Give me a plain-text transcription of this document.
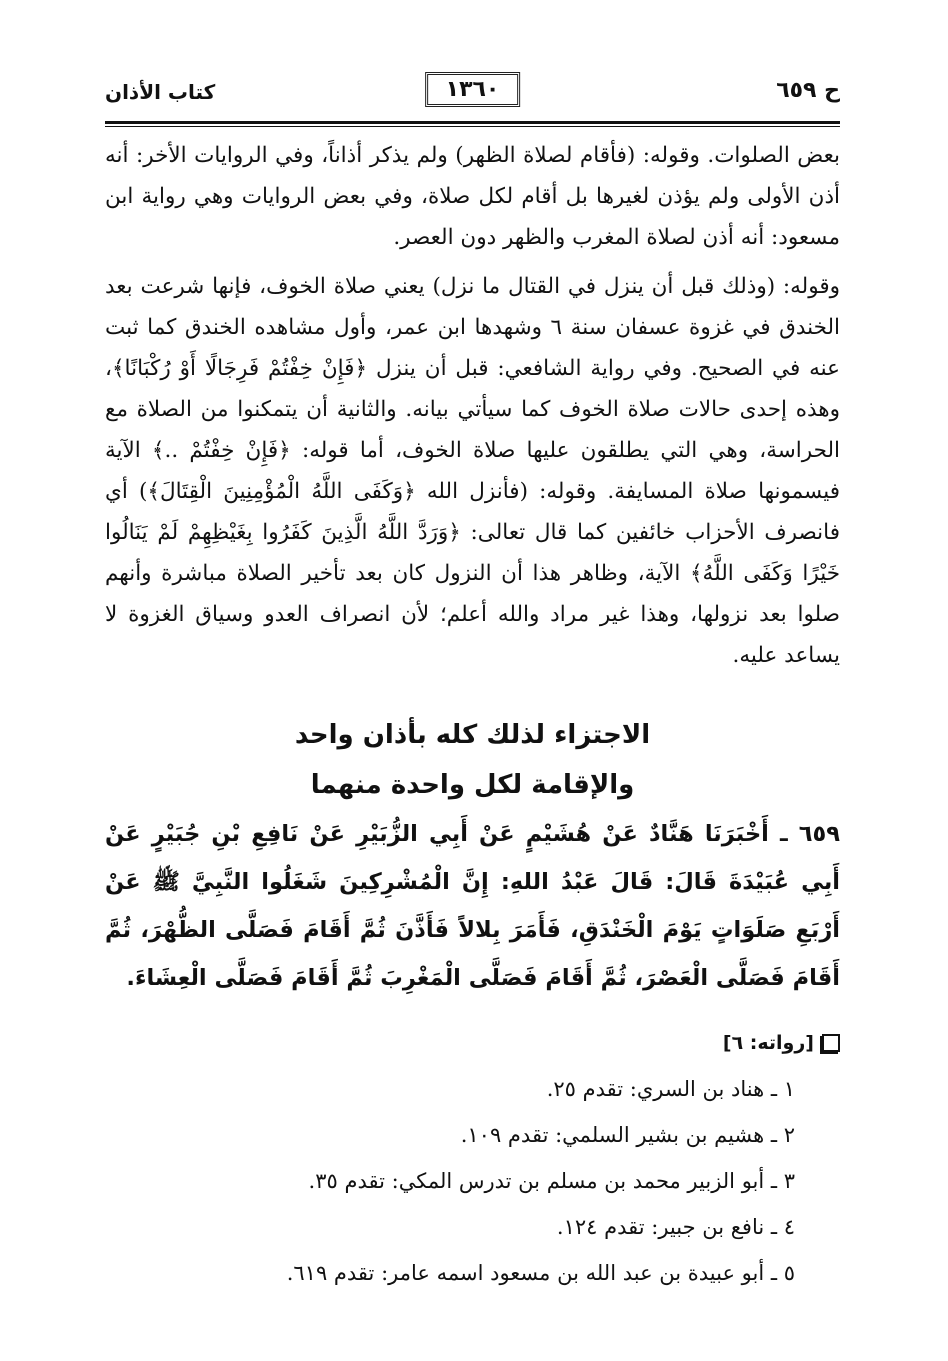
ح ٦٥٩
١٣٦٠
كتاب الأذان

بعض الصلوات. وقوله: (فأقام لصلاة الظهر) ولم يذكر أذاناً، وفي الروايات الأخر: أنه أذن الأولى ولم يؤذن لغيرها بل أقام لكل صلاة، وفي بعض الروايات وهي رواية ابن مسعود: أنه أذن لصلاة المغرب والظهر دون العصر.

وقوله: (وذلك قبل أن ينزل في القتال ما نزل) يعني صلاة الخوف، فإنها شرعت بعد الخندق في غزوة عسفان سنة ٦ وشهدها ابن عمر، وأول مشاهده الخندق كما ثبت عنه في الصحيح. وفي رواية الشافعي: قبل أن ينزل ﴿فَإِنْ خِفْتُمْ فَرِجَالًا أَوْ رُكْبَانًا﴾، وهذه إحدى حالات صلاة الخوف كما سيأتي بيانه. والثانية أن يتمكنوا من الصلاة مع الحراسة، وهي التي يطلقون عليها صلاة الخوف، أما قوله: ﴿فَإِنْ خِفْتُمْ ..﴾ الآية فيسمونها صلاة المسايفة. وقوله: (فأنزل الله ﴿وَكَفَى اللَّهُ الْمُؤْمِنِينَ الْقِتَالَ﴾) أي فانصرف الأحزاب خائفين كما قال تعالى: ﴿وَرَدَّ اللَّهُ الَّذِينَ كَفَرُوا بِغَيْظِهِمْ لَمْ يَنَالُوا خَيْرًا وَكَفَى اللَّهُ﴾ الآية، وظاهر هذا أن النزول كان بعد تأخير الصلاة مباشرة وأنهم صلوا بعد نزولها، وهذا غير مراد والله أعلم؛ لأن انصراف العدو وسياق الغزوة لا يساعد عليه.

الاجتزاء لذلك كله بأذان واحد
والإقامة لكل واحدة منهما
٦٥٩ ـ أَخْبَرَنَا هَنَّادٌ عَنْ هُشَيْمٍ عَنْ أَبِي الزُّبَيْرِ عَنْ نَافِعِ بْنِ جُبَيْرٍ عَنْ أَبِي عُبَيْدَةَ قَالَ: قَالَ عَبْدُ اللهِ: إِنَّ الْمُشْرِكِينَ شَغَلُوا النَّبِيَّ ﷺ عَنْ أَرْبَعِ صَلَوَاتٍ يَوْمَ الْخَنْدَقِ، فَأَمَرَ بِلالاً فَأَذَّنَ ثُمَّ أَقَامَ فَصَلَّى الظُّهْرَ، ثُمَّ أَقَامَ فَصَلَّى الْعَصْرَ، ثُمَّ أَقَامَ فَصَلَّى الْمَغْرِبَ ثُمَّ أَقَامَ فَصَلَّى الْعِشَاءَ.
[رواته: ٦]
١ ـ هناد بن السري: تقدم ٢٥.
٢ ـ هشيم بن بشير السلمي: تقدم ١٠٩.
٣ ـ أبو الزبير محمد بن مسلم بن تدرس المكي: تقدم ٣٥.
٤ ـ نافع بن جبير: تقدم ١٢٤.
٥ ـ أبو عبيدة بن عبد الله بن مسعود اسمه عامر: تقدم ٦١٩.
